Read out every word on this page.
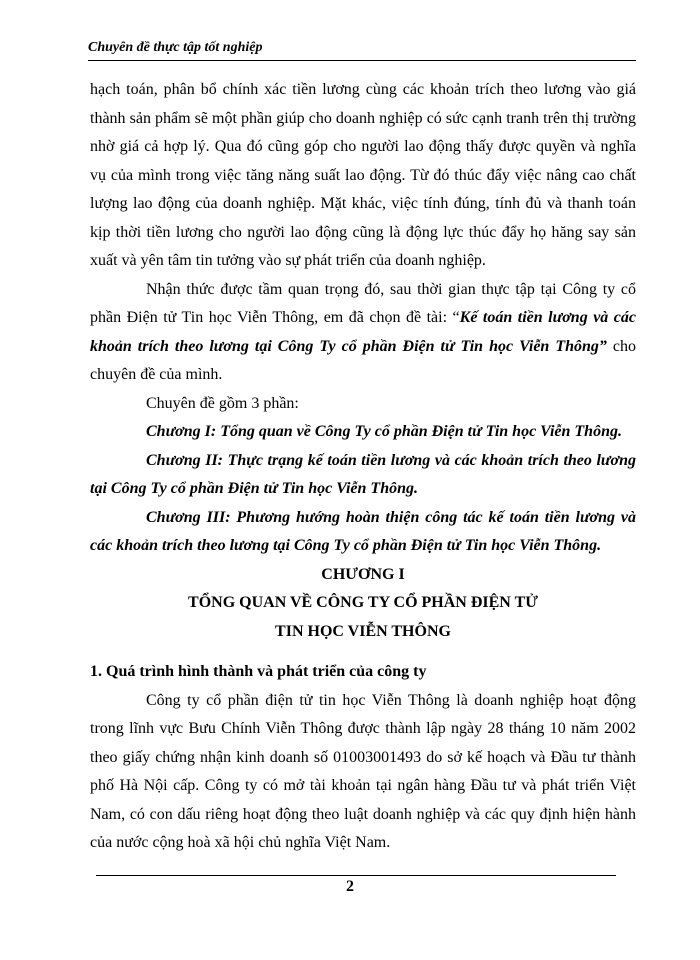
Chuyên đề thực tập tốt nghiệp

hạch toán, phân bổ chính xác tiền lương cùng các khoản trích theo lương vào giá thành sản phẩm sẽ một phần giúp cho doanh nghiệp có sức cạnh tranh trên thị trường nhờ giá cả hợp lý. Qua đó cũng góp cho người lao động thấy được quyền và nghĩa vụ của mình trong việc tăng năng suất lao động. Từ đó thúc đẩy việc nâng cao chất lượng lao động của doanh nghiệp. Mặt khác, việc tính đúng, tính đủ và thanh toán kịp thời tiền lương cho người lao động cũng là động lực thúc đẩy họ hăng say sản xuất và yên tâm tin tưởng vào sự phát triển của doanh nghiệp.

Nhận thức được tầm quan trọng đó, sau thời gian thực tập tại Công ty cổ phần Điện tử Tin học Viễn Thông, em đã chọn đề tài: “Kế toán tiền lương và các khoản trích theo lương tại Công Ty cổ phần Điện tử Tin học Viễn Thông” cho chuyên đề của mình.

Chuyên đề gồm 3 phần:

Chương I: Tổng quan về Công Ty cổ phần Điện tử Tin học Viễn Thông.

Chương II: Thực trạng kế toán tiền lương và các khoản trích theo lương tại Công Ty cổ phần Điện tử Tin học Viễn Thông.

Chương III: Phương hướng hoàn thiện công tác kế toán tiền lương và các khoản trích theo lương tại Công Ty cổ phần Điện tử Tin học Viễn Thông.

CHƯƠNG I

TỔNG QUAN VỀ CÔNG TY CỔ PHẦN ĐIỆN TỬ

TIN HỌC VIỄN THÔNG

1. Quá trình hình thành và phát triển của công ty

Công ty cổ phần điện tử tin học Viễn Thông là doanh nghiệp hoạt động trong lĩnh vực Bưu Chính Viễn Thông được thành lập ngày 28 tháng 10 năm 2002 theo giấy chứng nhận kinh doanh số 01003001493 do sở kế hoạch và Đầu tư thành phố Hà Nội cấp. Công ty có mở tài khoản tại ngân hàng Đầu tư và phát triển Việt Nam, có con dấu riêng hoạt động theo luật doanh nghiệp và các quy định hiện hành của nước cộng hoà xã hội chủ nghĩa Việt Nam.

2
